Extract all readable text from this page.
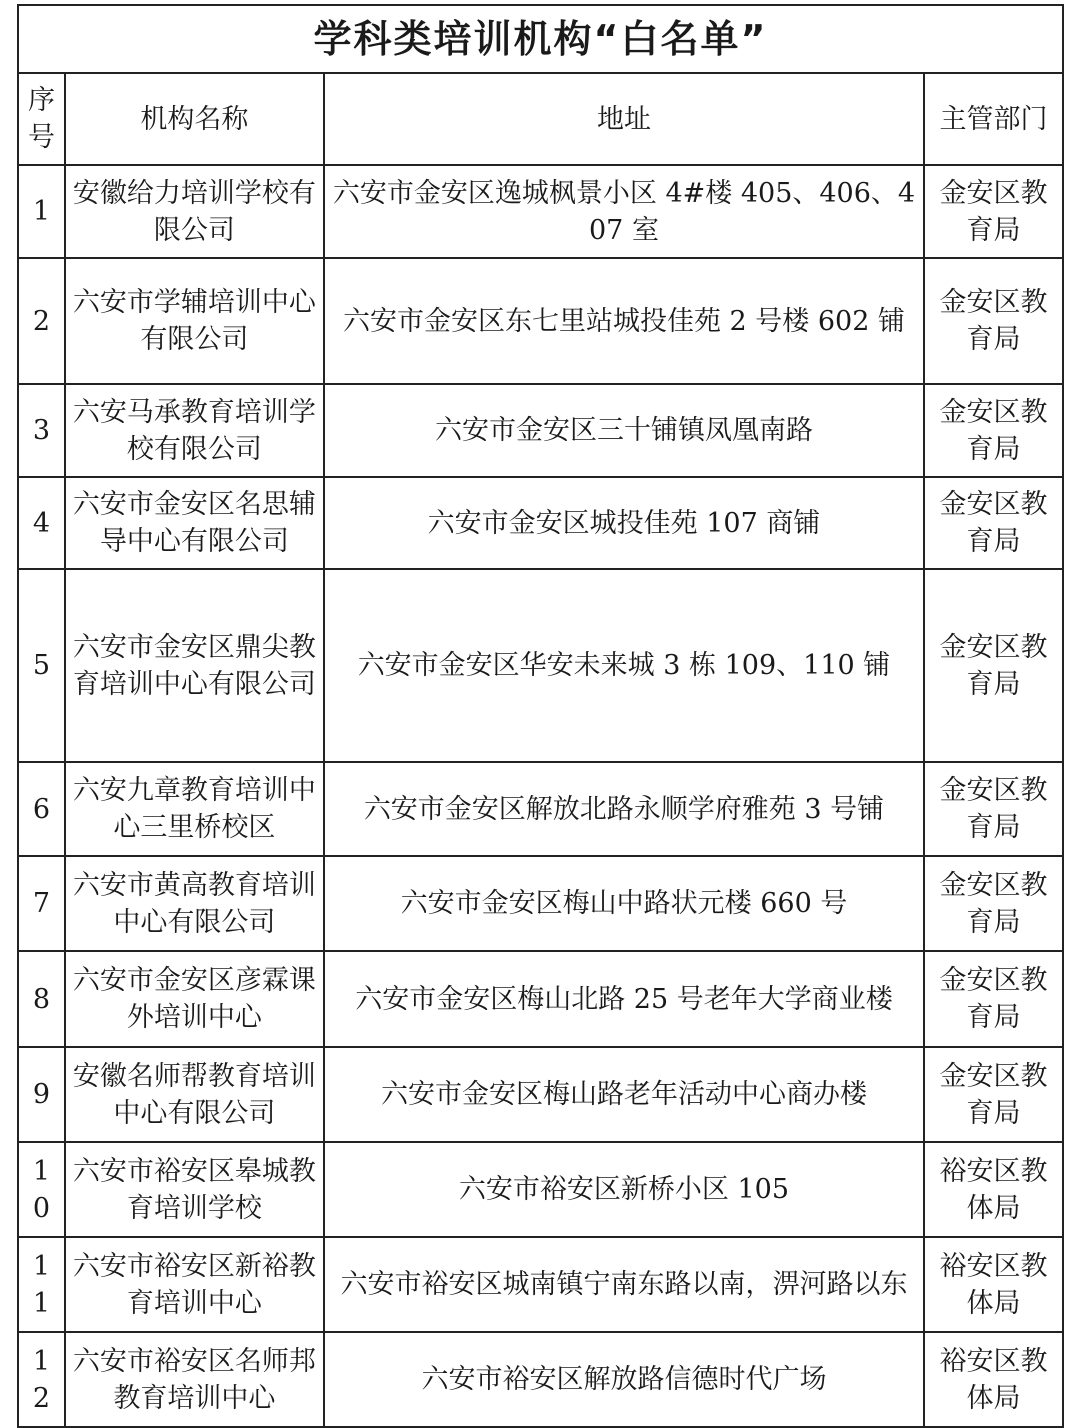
学科类培训机构“白名单”			
序号	机构名称	地址	主管部门
1	安徽给力培训学校有限公司	六安市金安区逸城枫景小区 4#楼 405、406、407 室	金安区教育局
2	六安市学辅培训中心有限公司	六安市金安区东七里站城投佳苑 2 号楼 602 铺	金安区教育局
3	六安马承教育培训学校有限公司	六安市金安区三十铺镇凤凰南路	金安区教育局
4	六安市金安区名思辅导中心有限公司	六安市金安区城投佳苑 107 商铺	金安区教育局
5	六安市金安区鼎尖教育培训中心有限公司	六安市金安区华安未来城 3 栋 109、110 铺	金安区教育局
6	六安九章教育培训中心三里桥校区	六安市金安区解放北路永顺学府雅苑 3 号铺	金安区教育局
7	六安市黄高教育培训中心有限公司	六安市金安区梅山中路状元楼 660 号	金安区教育局
8	六安市金安区彦霖课外培训中心	六安市金安区梅山北路 25 号老年大学商业楼	金安区教育局
9	安徽名师帮教育培训中心有限公司	六安市金安区梅山路老年活动中心商办楼	金安区教育局
10	六安市裕安区皋城教育培训学校	六安市裕安区新桥小区 105	裕安区教体局
11	六安市裕安区新裕教育培训中心	六安市裕安区城南镇宁南东路以南，淠河路以东	裕安区教体局
12	六安市裕安区名师邦教育培训中心	六安市裕安区解放路信德时代广场	裕安区教体局
